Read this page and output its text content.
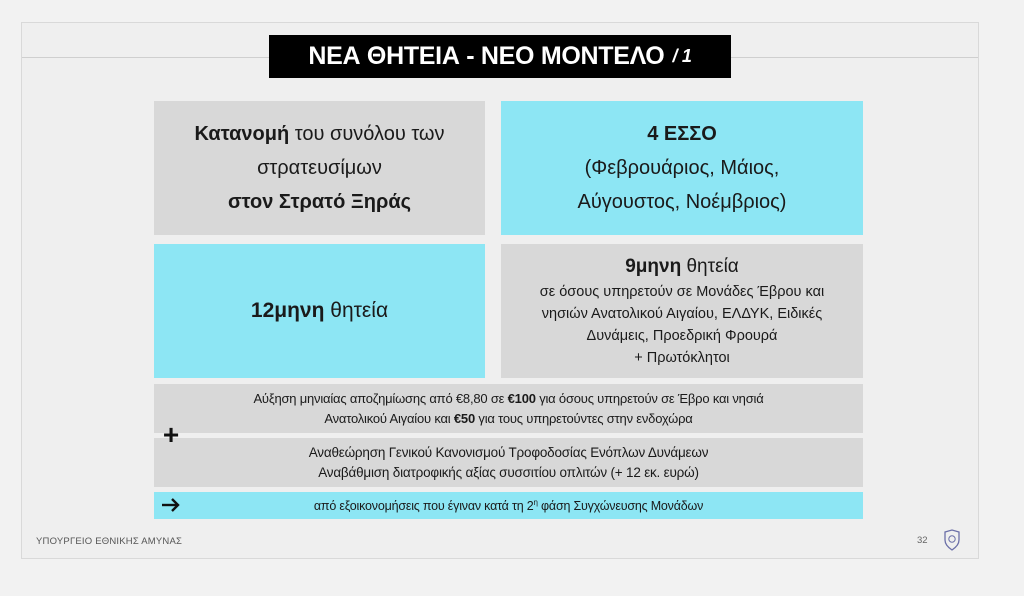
ΝΕΑ ΘΗΤΕΙΑ - ΝΕΟ ΜΟΝΤΕΛΟ / 1
Κατανομή του συνόλου των
στρατευσίμων
στον Στρατό Ξηράς
4 ΕΣΣΟ
(Φεβρουάριος, Μάιος,
Αύγουστος, Νοέμβριος)
12μηνη θητεία
9μηνη θητεία
σε όσους υπηρετούν σε Μονάδες Έβρου και
νησιών Ανατολικού Αιγαίου, ΕΛΔΥΚ, Ειδικές
Δυνάμεις, Προεδρική Φρουρά
+ Πρωτόκλητοι
Αύξηση μηνιαίας αποζημίωσης από €8,80 σε €100 για όσους υπηρετούν σε Έβρο και νησιά
Ανατολικού Αιγαίου και €50 για τους υπηρετούντες στην ενδοχώρα
Αναθεώρηση Γενικού Κανονισμού Τροφοδοσίας Ενόπλων Δυνάμεων
Αναβάθμιση διατροφικής αξίας συσσιτίου οπλιτών (+ 12 εκ. ευρώ)
+
από εξοικονομήσεις που έγιναν κατά τη $2^\eta$ φάση Συγχώνευσης Μονάδων
ΥΠΟΥΡΓΕΙΟ ΕΘΝΙΚΗΣ ΑΜΥΝΑΣ	32
